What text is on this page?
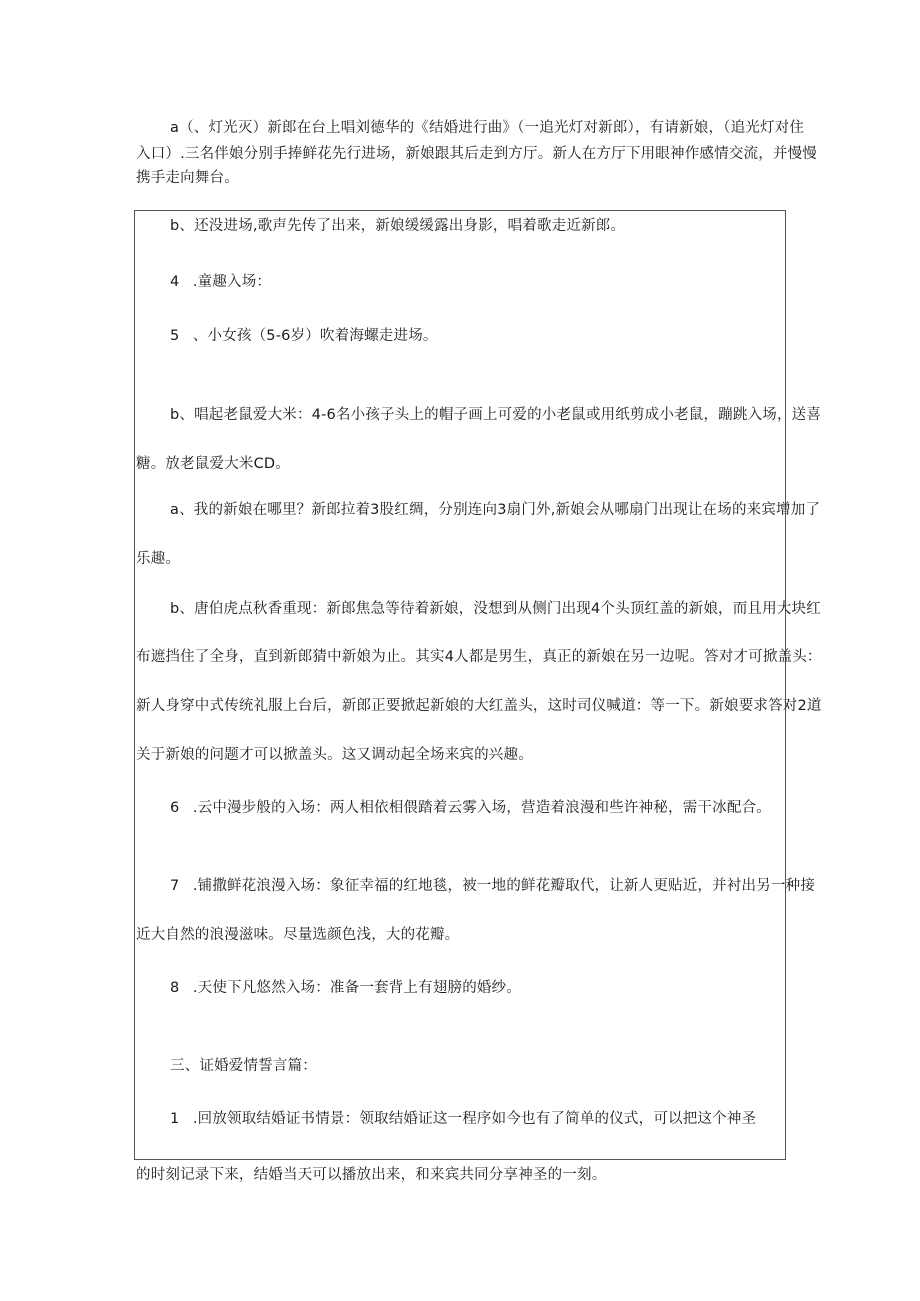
a（、灯光灭）新郎在台上唱刘德华的《结婚进行曲》（一追光灯对新郎），有请新娘，（追光灯对住
入口）.三名伴娘分别手捧鲜花先行进场，新娘跟其后走到方厅。新人在方厅下用眼神作感情交流，并慢慢
携手走向舞台。
b、还没进场,歌声先传了出来，新娘缓缓露出身影，唱着歌走近新郎。
4 .童趣入场：
5 、小女孩（5-6岁）吹着海螺走进场。
b、唱起老鼠爱大米：4-6名小孩子头上的帽子画上可爱的小老鼠或用纸剪成小老鼠，蹦跳入场，送喜
糖。放老鼠爱大米CD。
a、我的新娘在哪里？新郎拉着3股红绸，分别连向3扇门外,新娘会从哪扇门出现让在场的来宾增加了
乐趣。
b、唐伯虎点秋香重现：新郎焦急等待着新娘，没想到从侧门出现4个头顶红盖的新娘，而且用大块红
布遮挡住了全身，直到新郎猜中新娘为止。其实4人都是男生，真正的新娘在另一边呢。答对才可掀盖头：
新人身穿中式传统礼服上台后，新郎正要掀起新娘的大红盖头，这时司仪喊道：等一下。新娘要求答对2道
关于新娘的问题才可以掀盖头。这又调动起全场来宾的兴趣。
6 .云中漫步般的入场：两人相依相偎踏着云雾入场，营造着浪漫和些许神秘，需干冰配合。
7 .铺撒鲜花浪漫入场：象征幸福的红地毯，被一地的鲜花瓣取代，让新人更贴近，并衬出另一种接
近大自然的浪漫滋味。尽量选颜色浅，大的花瓣。
8 .天使下凡悠然入场：准备一套背上有翅膀的婚纱。
三、证婚爱情誓言篇：
1 .回放领取结婚证书情景：领取结婚证这一程序如今也有了简单的仪式，可以把这个神圣
的时刻记录下来，结婚当天可以播放出来，和来宾共同分享神圣的一刻。
